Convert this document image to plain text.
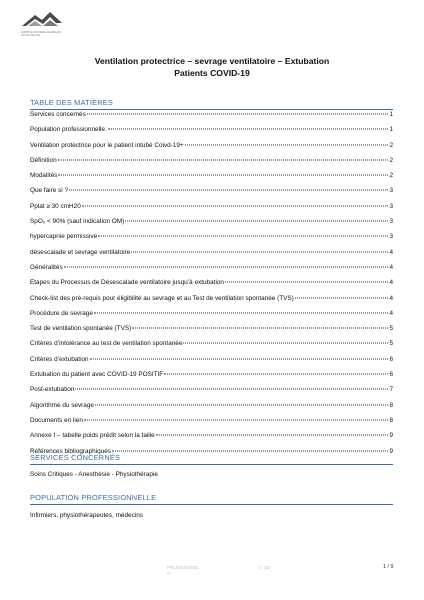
HÔPITAL RIVIERA-CHABLAIS
VAUD-VALAIS
Ventilation protectrice – sevrage ventilatoire – Extubation
Patients COVID-19
TABLE DES MATIÈRES
Services concernés	1
Population professionnelle:	1
Ventilation protectrice pour le patient intubé Coivd-19+	2
Définition	2
Modalités	2
Que faire si ?	3
Pplat ≥ 30 cmH20	3
SpO₂ < 90% (sauf indication OM)	3
hypercapnie permissive	3
désescalade et sevrage ventilatoire	4
Généralités	4
Etapes du Processus de Désescalade ventilatoire jusqu’à extubation	4
Check-list des pré-requis pour éligibilité au sevrage et au Test de ventilation spontanée (TVS)	4
Procédure de sevrage	4
Test de ventilation spontanée (TVS)	5
Critères d’intolérance au test de ventilation spontanée	5
Critères d’extubation	6
Extubation du patient avec COVID-19 POSITIF	6
Post-extubation	7
Algorithme du sevrage	8
Documents en lien	8
Annexe I – tabelle poids prédit selon la taille	9
Références bibliographiques	9
SERVICES CONCERNÉS
Soins Critiques - Anesthésie - Physiothérapie
POPULATION PROFESSIONNELLE
Infirmiers, physiothérapeutes, médecins
FRCEINS00001
A
V : 02	1 / 9
